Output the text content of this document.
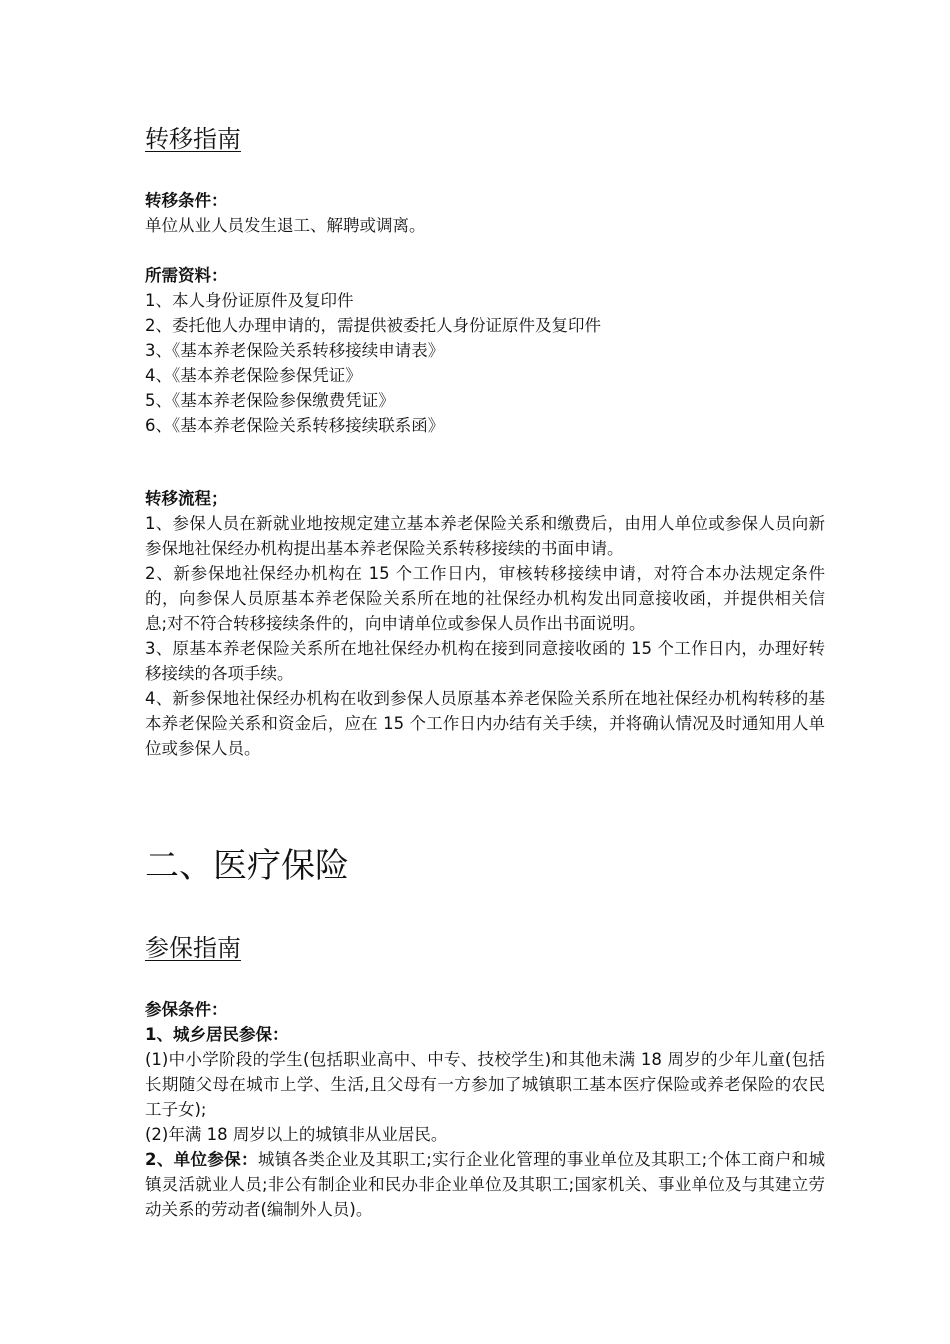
转移指南
转移条件：
单位从业人员发生退工、解聘或调离。
所需资料：
1、本人身份证原件及复印件
2、委托他人办理申请的，需提供被委托人身份证原件及复印件
3、《基本养老保险关系转移接续申请表》
4、《基本养老保险参保凭证》
5、《基本养老保险参保缴费凭证》
6、《基本养老保险关系转移接续联系函》
转移流程；
1、参保人员在新就业地按规定建立基本养老保险关系和缴费后，由用人单位或参保人员向新参保地社保经办机构提出基本养老保险关系转移接续的书面申请。
2、新参保地社保经办机构在 15 个工作日内，审核转移接续申请，对符合本办法规定条件的，向参保人员原基本养老保险关系所在地的社保经办机构发出同意接收函，并提供相关信息;对不符合转移接续条件的，向申请单位或参保人员作出书面说明。
3、原基本养老保险关系所在地社保经办机构在接到同意接收函的 15 个工作日内，办理好转移接续的各项手续。
4、新参保地社保经办机构在收到参保人员原基本养老保险关系所在地社保经办机构转移的基本养老保险关系和资金后，应在 15 个工作日内办结有关手续，并将确认情况及时通知用人单位或参保人员。
二、医疗保险
参保指南
参保条件：
1、城乡居民参保：
(1)中小学阶段的学生(包括职业高中、中专、技校学生)和其他未满 18 周岁的少年儿童(包括长期随父母在城市上学、生活,且父母有一方参加了城镇职工基本医疗保险或养老保险的农民工子女);
(2)年满 18 周岁以上的城镇非从业居民。
2、单位参保：城镇各类企业及其职工;实行企业化管理的事业单位及其职工;个体工商户和城镇灵活就业人员;非公有制企业和民办非企业单位及其职工;国家机关、事业单位及与其建立劳动关系的劳动者(编制外人员)。
